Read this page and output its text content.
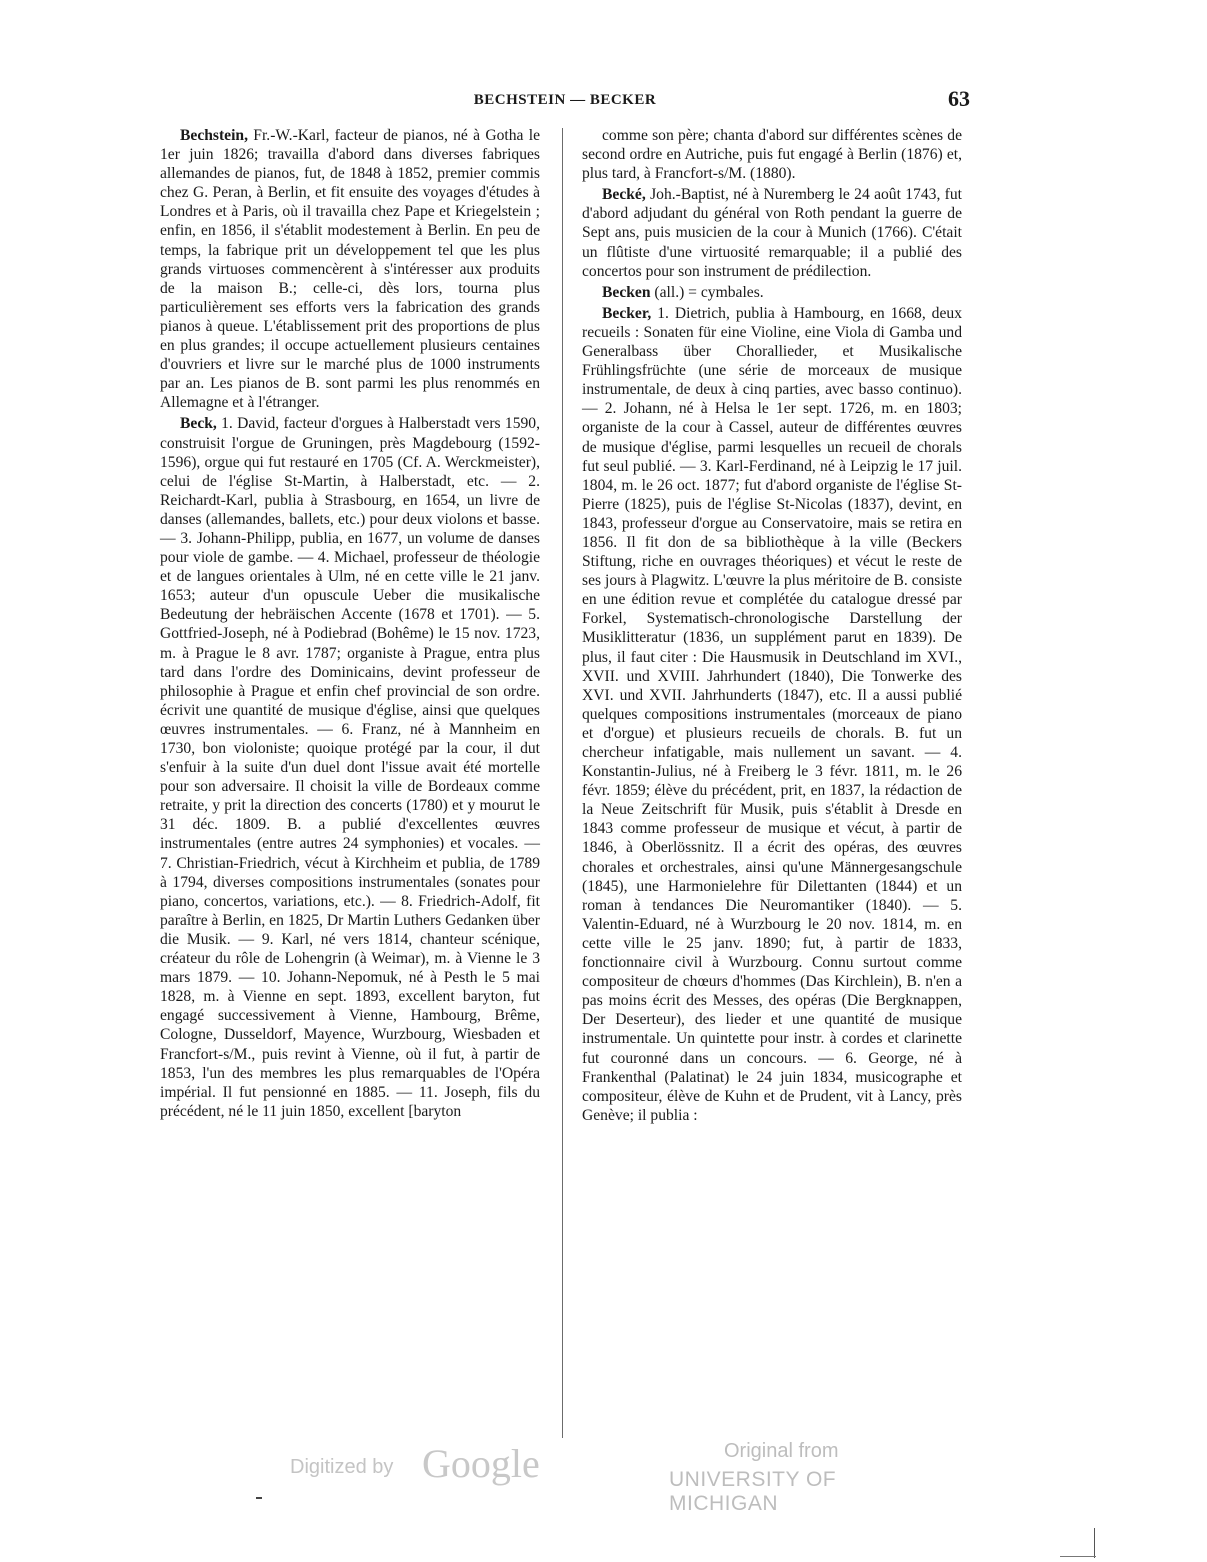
BECHSTEIN — BECKER	63

Bechstein, Fr.-W.-Karl, facteur de pianos, né à Gotha le 1er juin 1826; travailla d'abord dans diverses fabriques allemandes de pianos, fut, de 1848 à 1852, premier commis chez G. Peran, à Berlin, et fit ensuite des voyages d'études à Londres et à Paris, où il travailla chez Pape et Kriegelstein ; enfin, en 1856, il s'établit modestement à Berlin. En peu de temps, la fabrique prit un développement tel que les plus grands virtuoses commencèrent à s'intéresser aux produits de la maison B.; celle-ci, dès lors, tourna plus particulièrement ses efforts vers la fabrication des grands pianos à queue. L'établissement prit des proportions de plus en plus grandes; il occupe actuellement plusieurs centaines d'ouvriers et livre sur le marché plus de 1000 instruments par an. Les pianos de B. sont parmi les plus renommés en Allemagne et à l'étranger.

Beck, 1. David, facteur d'orgues à Halberstadt vers 1590, construisit l'orgue de Gruningen, près Magdebourg (1592-1596), orgue qui fut restauré en 1705 (Cf. A. Werckmeister), celui de l'église St-Martin, à Halberstadt, etc. — 2. Reichardt-Karl, publia à Strasbourg, en 1654, un livre de danses (allemandes, ballets, etc.) pour deux violons et basse. — 3. Johann-Philipp, publia, en 1677, un volume de danses pour viole de gambe. — 4. Michael, professeur de théologie et de langues orientales à Ulm, né en cette ville le 21 janv. 1653; auteur d'un opuscule Ueber die musikalische Bedeutung der hebräischen Accente (1678 et 1701). — 5. Gottfried-Joseph, né à Podiebrad (Bohême) le 15 nov. 1723, m. à Prague le 8 avr. 1787; organiste à Prague, entra plus tard dans l'ordre des Dominicains, devint professeur de philosophie à Prague et enfin chef provincial de son ordre. écrivit une quantité de musique d'église, ainsi que quelques œuvres instrumentales. — 6. Franz, né à Mannheim en 1730, bon violoniste; quoique protégé par la cour, il dut s'enfuir à la suite d'un duel dont l'issue avait été mortelle pour son adversaire. Il choisit la ville de Bordeaux comme retraite, y prit la direction des concerts (1780) et y mourut le 31 déc. 1809. B. a publié d'excellentes œuvres instrumentales (entre autres 24 symphonies) et vocales. — 7. Christian-Friedrich, vécut à Kirchheim et publia, de 1789 à 1794, diverses compositions instrumentales (sonates pour piano, concertos, variations, etc.). — 8. Friedrich-Adolf, fit paraître à Berlin, en 1825, Dr Martin Luthers Gedanken über die Musik. — 9. Karl, né vers 1814, chanteur scénique, créateur du rôle de Lohengrin (à Weimar), m. à Vienne le 3 mars 1879. — 10. Johann-Nepomuk, né à Pesth le 5 mai 1828, m. à Vienne en sept. 1893, excellent baryton, fut engagé successivement à Vienne, Hambourg, Brême, Cologne, Dusseldorf, Mayence, Wurzbourg, Wiesbaden et Francfort-s/M., puis revint à Vienne, où il fut, à partir de 1853, l'un des membres les plus remarquables de l'Opéra impérial. Il fut pensionné en 1885. — 11. Joseph, fils du précédent, né le 11 juin 1850, excellent [baryton

comme son père; chanta d'abord sur différentes scènes de second ordre en Autriche, puis fut engagé à Berlin (1876) et, plus tard, à Francfort-s/M. (1880).

Becké, Joh.-Baptist, né à Nuremberg le 24 août 1743, fut d'abord adjudant du général von Roth pendant la guerre de Sept ans, puis musicien de la cour à Munich (1766). C'était un flûtiste d'une virtuosité remarquable; il a publié des concertos pour son instrument de prédilection.

Becken (all.) = cymbales.

Becker, 1. Dietrich, publia à Hambourg, en 1668, deux recueils : Sonaten für eine Violine, eine Viola di Gamba und Generalbass über Chorallieder, et Musikalische Frühlingsfrüchte (une série de morceaux de musique instrumentale, de deux à cinq parties, avec basso continuo). — 2. Johann, né à Helsa le 1er sept. 1726, m. en 1803; organiste de la cour à Cassel, auteur de différentes œuvres de musique d'église, parmi lesquelles un recueil de chorals fut seul publié. — 3. Karl-Ferdinand, né à Leipzig le 17 juil. 1804, m. le 26 oct. 1877; fut d'abord organiste de l'église St-Pierre (1825), puis de l'église St-Nicolas (1837), devint, en 1843, professeur d'orgue au Conservatoire, mais se retira en 1856. Il fit don de sa bibliothèque à la ville (Beckers Stiftung, riche en ouvrages théoriques) et vécut le reste de ses jours à Plagwitz. L'œuvre la plus méritoire de B. consiste en une édition revue et complétée du catalogue dressé par Forkel, Systematisch-chronologische Darstellung der Musiklitteratur (1836, un supplément parut en 1839). De plus, il faut citer : Die Hausmusik in Deutschland im XVI., XVII. und XVIII. Jahrhundert (1840), Die Tonwerke des XVI. und XVII. Jahrhunderts (1847), etc. Il a aussi publié quelques compositions instrumentales (morceaux de piano et d'orgue) et plusieurs recueils de chorals. B. fut un chercheur infatigable, mais nullement un savant. — 4. Konstantin-Julius, né à Freiberg le 3 févr. 1811, m. le 26 févr. 1859; élève du précédent, prit, en 1837, la rédaction de la Neue Zeitschrift für Musik, puis s'établit à Dresde en 1843 comme professeur de musique et vécut, à partir de 1846, à Oberlössnitz. Il a écrit des opéras, des œuvres chorales et orchestrales, ainsi qu'une Männergesangschule (1845), une Harmonielehre für Dilettanten (1844) et un roman à tendances Die Neuromantiker (1840). — 5. Valentin-Eduard, né à Wurzbourg le 20 nov. 1814, m. en cette ville le 25 janv. 1890; fut, à partir de 1833, fonctionnaire civil à Wurzbourg. Connu surtout comme compositeur de chœurs d'hommes (Das Kirchlein), B. n'en a pas moins écrit des Messes, des opéras (Die Bergknappen, Der Deserteur), des lieder et une quantité de musique instrumentale. Un quintette pour instr. à cordes et clarinette fut couronné dans un concours. — 6. George, né à Frankenthal (Palatinat) le 24 juin 1834, musicographe et compositeur, élève de Kuhn et de Prudent, vit à Lancy, près Genève; il publia :

Digitized by Google	Original from
UNIVERSITY OF MICHIGAN
